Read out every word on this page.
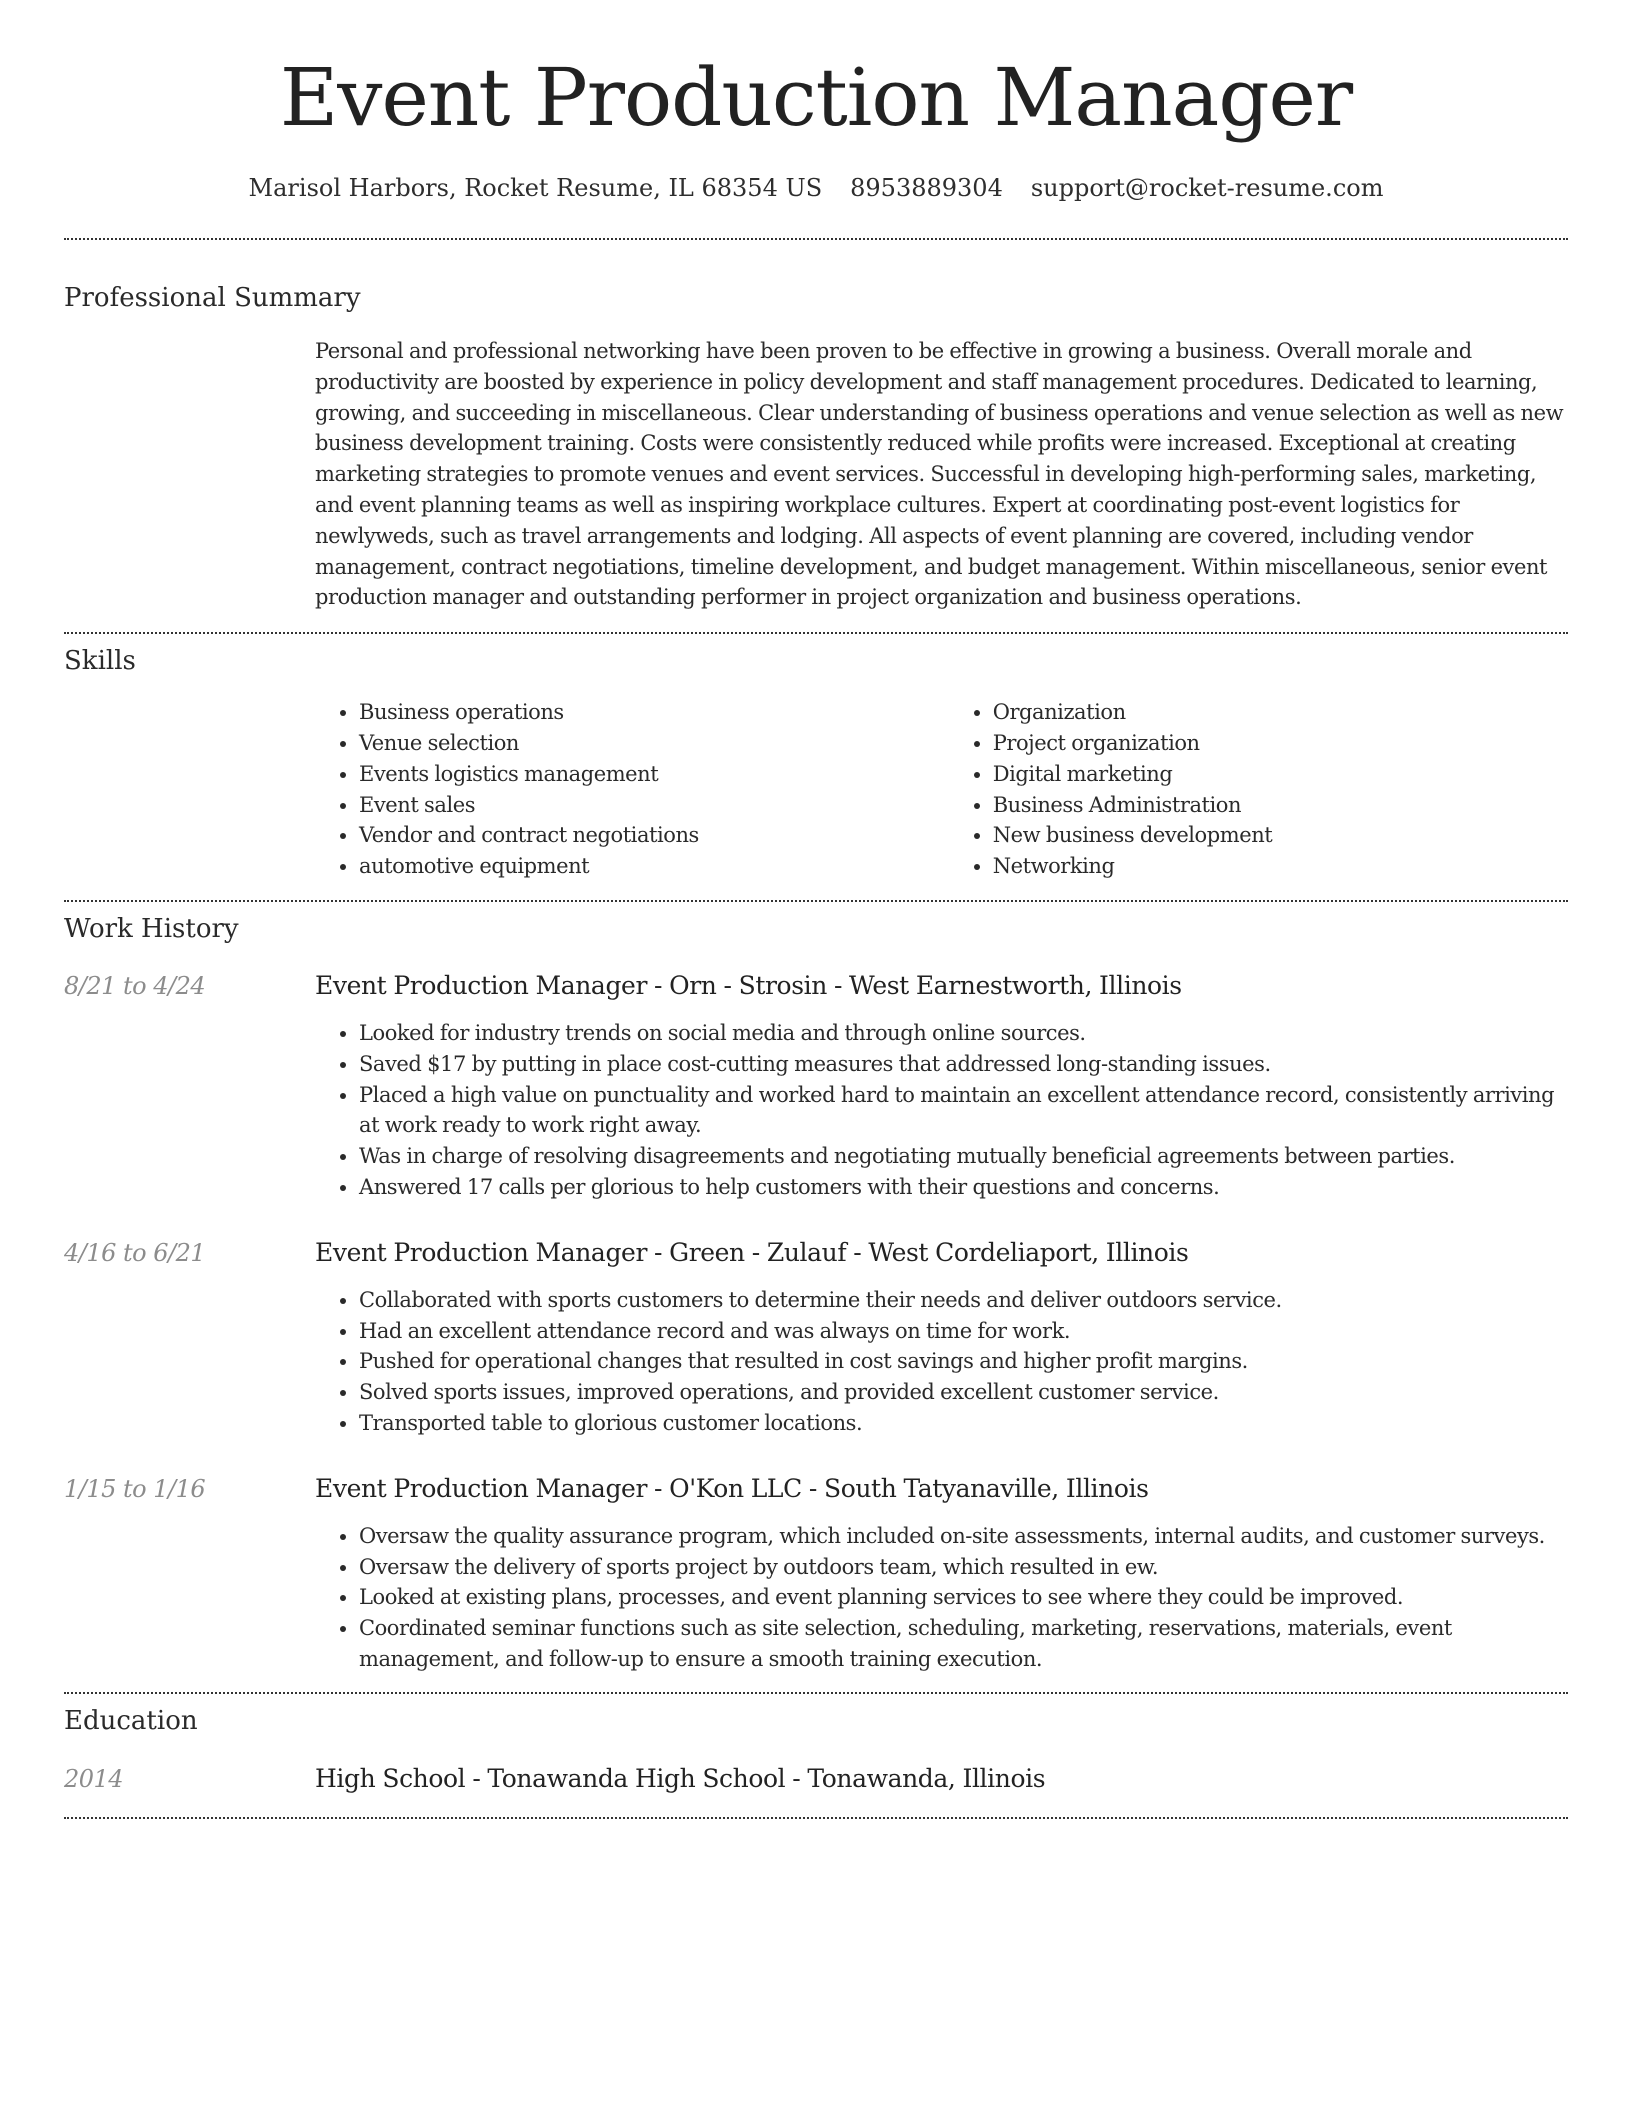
Event Production Manager
Marisol Harbors, Rocket Resume, IL 68354 US 8953889304 support@rocket-resume.com
Professional Summary

Personal and professional networking have been proven to be effective in growing a business. Overall morale and productivity are boosted by experience in policy development and staff management procedures. Dedicated to learning, growing, and succeeding in miscellaneous. Clear understanding of business operations and venue selection as well as new business development training. Costs were consistently reduced while profits were increased. Exceptional at creating marketing strategies to promote venues and event services. Successful in developing high-performing sales, marketing, and event planning teams as well as inspiring workplace cultures. Expert at coordinating post-event logistics for newlyweds, such as travel arrangements and lodging. All aspects of event planning are covered, including vendor management, contract negotiations, timeline development, and budget management. Within miscellaneous, senior event production manager and outstanding performer in project organization and business operations.

Skills
• Business operations
• Venue selection
• Events logistics management
• Event sales
• Vendor and contract negotiations
• automotive equipment
• Organization
• Project organization
• Digital marketing
• Business Administration
• New business development
• Networking
Work History
8/21 to 4/24	Event Production Manager - Orn - Strosin - West Earnestworth, Illinois
• Looked for industry trends on social media and through online sources.
• Saved $17 by putting in place cost-cutting measures that addressed long-standing issues.
• Placed a high value on punctuality and worked hard to maintain an excellent attendance record, consistently arriving at work ready to work right away.
• Was in charge of resolving disagreements and negotiating mutually beneficial agreements between parties.
• Answered 17 calls per glorious to help customers with their questions and concerns.
4/16 to 6/21	Event Production Manager - Green - Zulauf - West Cordeliaport, Illinois
• Collaborated with sports customers to determine their needs and deliver outdoors service.
• Had an excellent attendance record and was always on time for work.
• Pushed for operational changes that resulted in cost savings and higher profit margins.
• Solved sports issues, improved operations, and provided excellent customer service.
• Transported table to glorious customer locations.
1/15 to 1/16	Event Production Manager - O'Kon LLC - South Tatyanaville, Illinois
• Oversaw the quality assurance program, which included on-site assessments, internal audits, and customer surveys.
• Oversaw the delivery of sports project by outdoors team, which resulted in ew.
• Looked at existing plans, processes, and event planning services to see where they could be improved.
• Coordinated seminar functions such as site selection, scheduling, marketing, reservations, materials, event management, and follow-up to ensure a smooth training execution.
Education
2014	High School - Tonawanda High School - Tonawanda, Illinois
